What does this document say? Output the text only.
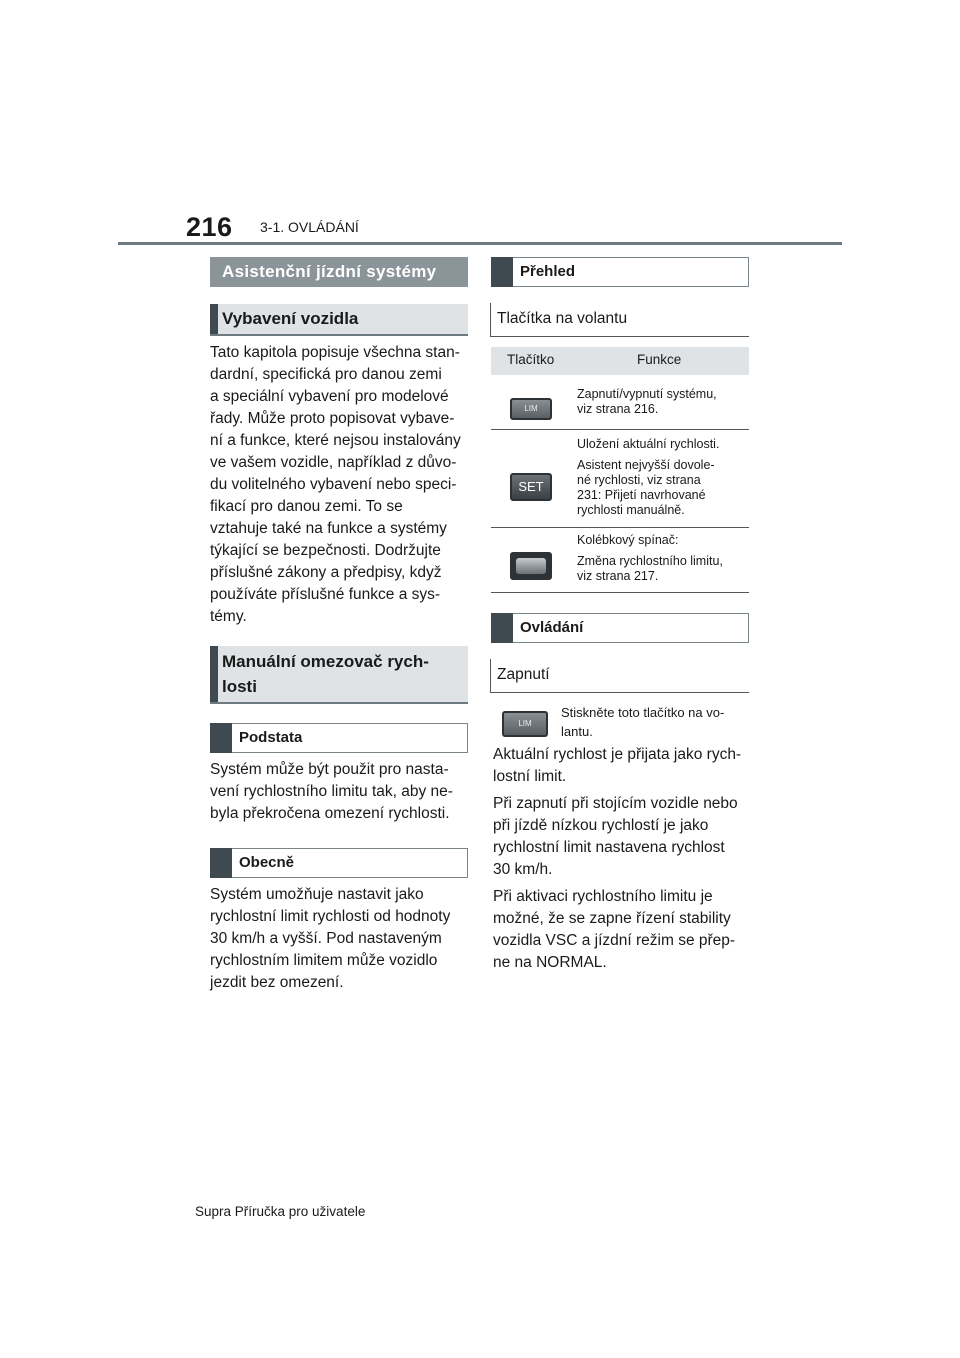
216 3-1. OVLÁDÁNÍ
Asistenční jízdní systémy
Vybavení vozidla

Tato kapitola popisuje všechna stan-

dardní, specifická pro danou zemi

a speciální vybavení pro modelové

řady. Může proto popisovat vybave-

ní a funkce, které nejsou instalovány

ve vašem vozidle, například z důvo-

du volitelného vybavení nebo speci-

fikací pro danou zemi. To se

vztahuje také na funkce a systémy

týkající se bezpečnosti. Dodržujte

příslušné zákony a předpisy, když

používáte příslušné funkce a sys-

témy.

Manuální omezovač rych-
losti
Podstata

Systém může být použit pro nasta-

vení rychlostního limitu tak, aby ne-

byla překročena omezení rychlosti.

Obecně

Systém umožňuje nastavit jako

rychlostní limit rychlosti od hodnoty

30 km/h a vyšší. Pod nastaveným

rychlostním limitem může vozidlo

jezdit bez omezení.

Přehled
Tlačítka na volantu
Tlačítko	Funkce
LIM

Zapnutí/vypnutí systému,

viz strana 216.

SET

Uložení aktuální rychlosti.

Asistent nejvyšší dovole-

né rychlosti, viz strana

231: Přijetí navrhované

rychlosti manuálně.

Kolébkový spínač:

Změna rychlostního limitu,

viz strana 217.

Ovládání
Zapnutí
LIM

Stiskněte toto tlačítko na vo-

lantu.

Aktuální rychlost je přijata jako rych-

lostní limit.

Při zapnutí při stojícím vozidle nebo

při jízdě nízkou rychlostí je jako

rychlostní limit nastavena rychlost

30 km/h.

Při aktivaci rychlostního limitu je

možné, že se zapne řízení stability

vozidla VSC a jízdní režim se přep-

ne na NORMAL.

Supra Příručka pro uživatele
